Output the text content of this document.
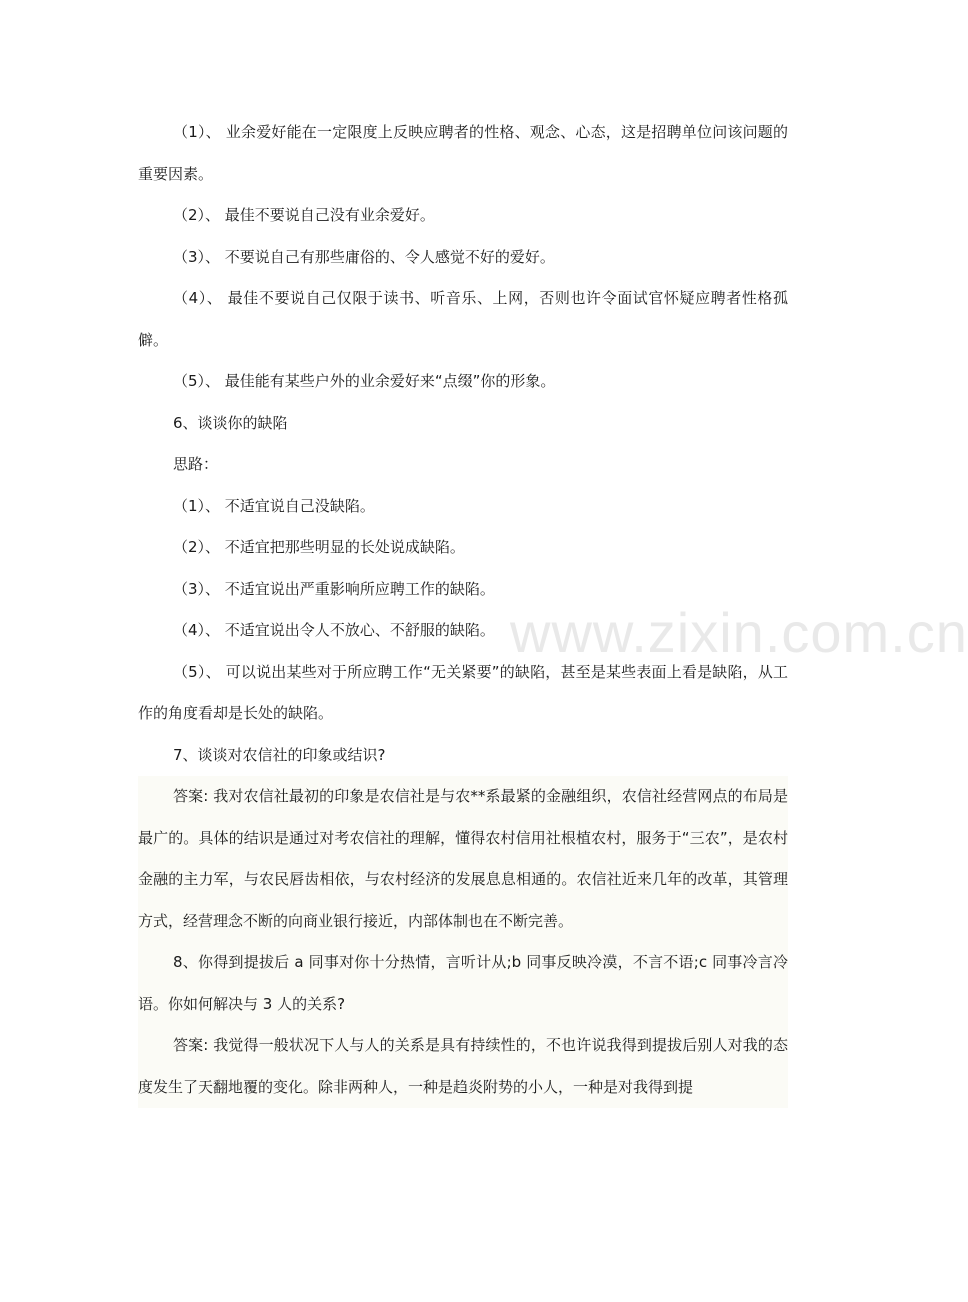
www.zixin.com.cn

（1）、 业余爱好能在一定限度上反映应聘者的性格、观念、心态，这是招聘单位问该问题的重要因素。

（2）、 最佳不要说自己没有业余爱好。

（3）、 不要说自己有那些庸俗的、令人感觉不好的爱好。

（4）、 最佳不要说自己仅限于读书、听音乐、上网，否则也许令面试官怀疑应聘者性格孤僻。

（5）、 最佳能有某些户外的业余爱好来“点缀”你的形象。

6、谈谈你的缺陷

思路：

（1）、 不适宜说自己没缺陷。

（2）、 不适宜把那些明显的长处说成缺陷。

（3）、 不适宜说出严重影响所应聘工作的缺陷。

（4）、 不适宜说出令人不放心、不舒服的缺陷。

（5）、 可以说出某些对于所应聘工作“无关紧要”的缺陷，甚至是某些表面上看是缺陷，从工作的角度看却是长处的缺陷。

7、谈谈对农信社的印象或结识?

答案: 我对农信社最初的印象是农信社是与农**系最紧的金融组织，农信社经营网点的布局是最广的。具体的结识是通过对考农信社的理解，懂得农村信用社根植农村，服务于“三农”，是农村金融的主力军，与农民唇齿相依，与农村经济的发展息息相通的。农信社近来几年的改革，其管理方式，经营理念不断的向商业银行接近，内部体制也在不断完善。

8、你得到提拔后 a 同事对你十分热情，言听计从;b 同事反映冷漠，不言不语;c 同事冷言冷语。你如何解决与 3 人的关系?

答案: 我觉得一般状况下人与人的关系是具有持续性的，不也许说我得到提拔后别人对我的态度发生了天翻地覆的变化。除非两种人，一种是趋炎附势的小人，一种是对我得到提
